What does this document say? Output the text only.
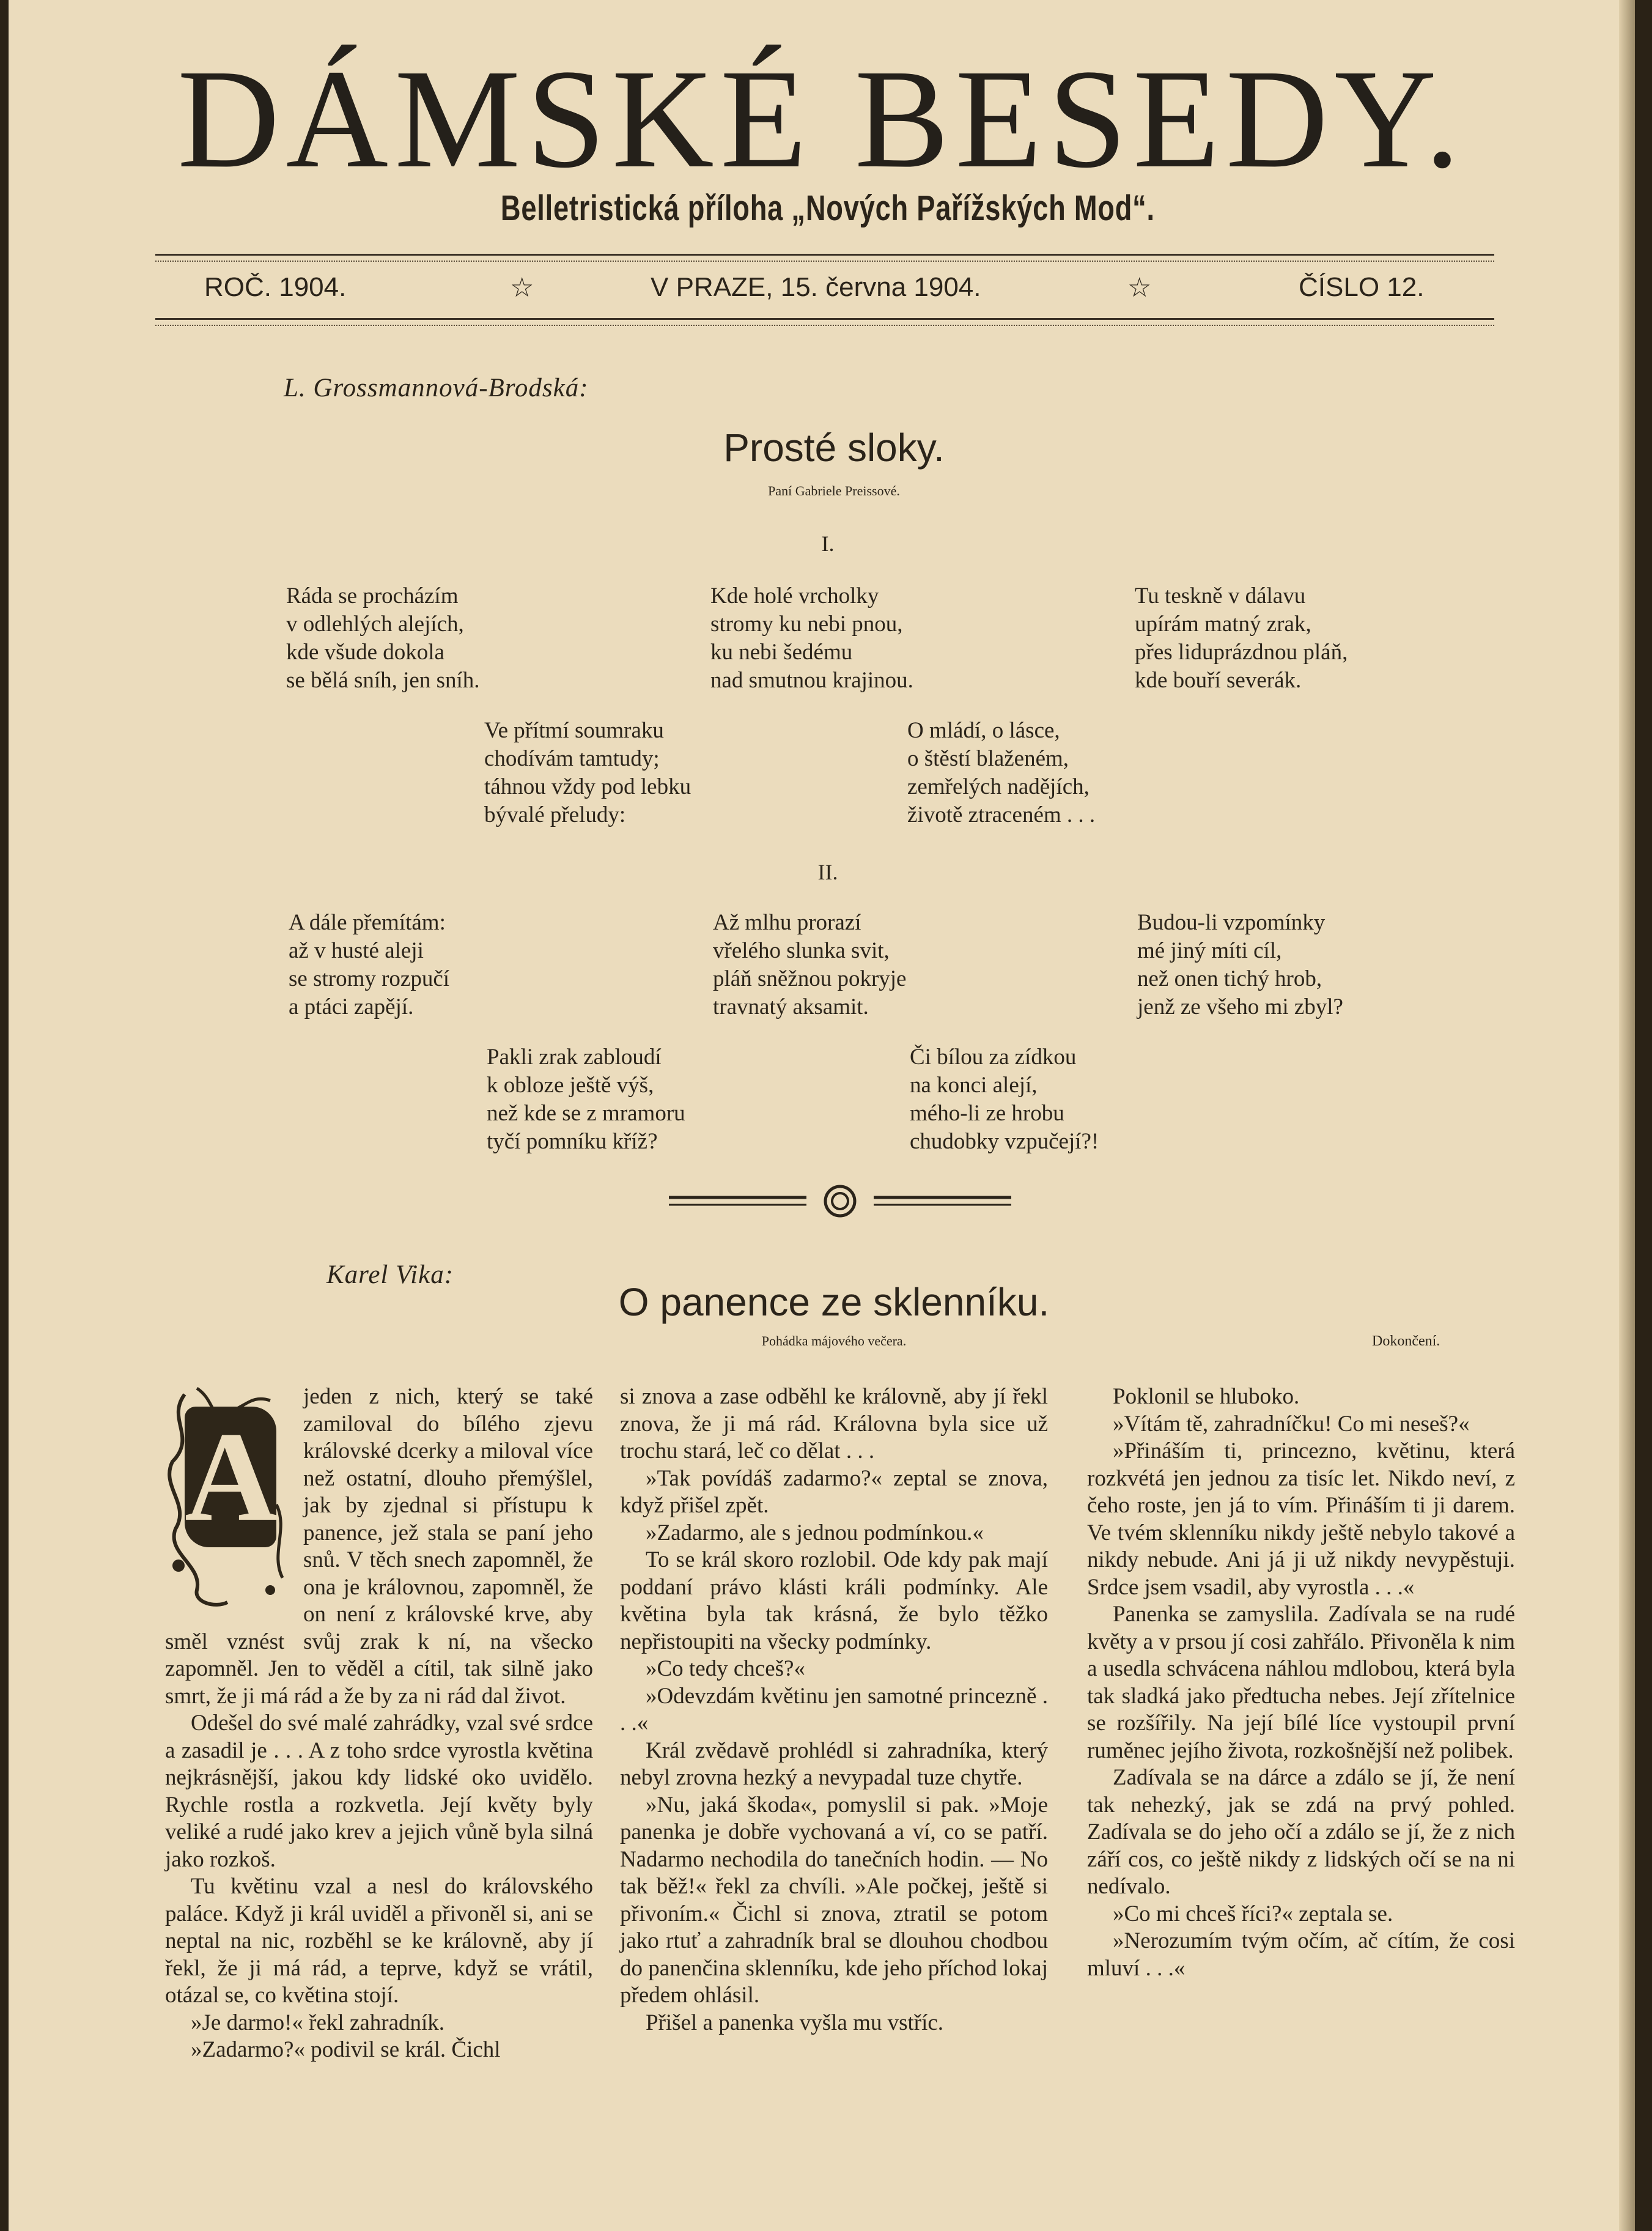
DÁMSKÉ BESEDY.
Belletristická příloha „Nových Pařížských Mod“.
ROČ. 1904.	☆	V PRAZE, 15. června 1904.	☆	ČÍSLO 12.
L. Grossmannová-Brodská:
Prosté sloky.
Paní Gabriele Preissové.
I.
Ráda se procházím
v odlehlých alejích,
kde všude dokola
se bělá sníh, jen sníh.
Kde holé vrcholky
stromy ku nebi pnou,
ku nebi šedému
nad smutnou krajinou.
Tu teskně v dálavu
upírám matný zrak,
přes liduprázdnou pláň,
kde bouří severák.
Ve přítmí soumraku
chodívám tamtudy;
táhnou vždy pod lebku
bývalé přeludy:
O mládí, o lásce,
o štěstí blaženém,
zemřelých nadějích,
životě ztraceném . . .
II.
A dále přemítám:
až v husté aleji
se stromy rozpučí
a ptáci zapějí.
Až mlhu prorazí
vřelého slunka svit,
pláň sněžnou pokryje
travnatý aksamit.
Budou-li vzpomínky
mé jiný míti cíl,
než onen tichý hrob,
jenž ze všeho mi zbyl?
Pakli zrak zabloudí
k obloze ještě výš,
než kde se z mramoru
tyčí pomníku kříž?
Či bílou za zídkou
na konci alejí,
mého-li ze hrobu
chudobky vzpučejí?!
Karel Vika:
O panence ze sklenníku.
Pohádka májového večera.	Dokončení.
A

jeden z nich, který se také zamiloval do bílého zjevu královské dcerky a miloval více než ostatní, dlouho přemýšlel, jak by zjednal si přístupu k panence, jež stala se paní jeho snů. V těch snech zapomněl, že ona je královnou, zapomněl, že on není z královské krve, aby směl vznést svůj zrak k ní, na všecko zapomněl. Jen to věděl a cítil, tak silně jako smrt, že ji má rád a že by za ni rád dal život.

Odešel do své malé zahrádky, vzal své srdce a zasadil je . . . A z toho srdce vyrostla květina nejkrásnější, jakou kdy lidské oko uvidělo. Rychle rostla a rozkvetla. Její květy byly veliké a rudé jako krev a jejich vůně byla silná jako rozkoš.

Tu květinu vzal a nesl do královského paláce. Když ji král uviděl a přivoněl si, ani se neptal na nic, rozběhl se ke královně, aby jí řekl, že ji má rád, a teprve, když se vrátil, otázal se, co květina stojí.

»Je darmo!« řekl zahradník.

»Zadarmo?« podivil se král. Čichl

si znova a zase odběhl ke královně, aby jí řekl znova, že ji má rád. Královna byla sice už trochu stará, leč co dělat . . .

»Tak povídáš zadarmo?« zeptal se znova, když přišel zpět.

»Zadarmo, ale s jednou podmínkou.«

To se král skoro rozlobil. Ode kdy pak mají poddaní právo klásti králi podmínky. Ale květina byla tak krásná, že bylo těžko nepřistoupiti na všecky podmínky.

»Co tedy chceš?«

»Odevzdám květinu jen samotné princezně . . .«

Král zvědavě prohlédl si zahradníka, který nebyl zrovna hezký a nevypadal tuze chytře.

»Nu, jaká škoda«, pomyslil si pak. »Moje panenka je dobře vychovaná a ví, co se patří. Nadarmo nechodila do tanečních hodin. — No tak běž!« řekl za chvíli. »Ale počkej, ještě si přivoním.« Čichl si znova, ztratil se potom jako rtuť a zahradník bral se dlouhou chodbou do panenčina sklenníku, kde jeho příchod lokaj předem ohlásil.

Přišel a panenka vyšla mu vstříc.

Poklonil se hluboko.

»Vítám tě, zahradníčku! Co mi neseš?«

»Přináším ti, princezno, květinu, která rozkvétá jen jednou za tisíc let. Nikdo neví, z čeho roste, jen já to vím. Přináším ti ji darem. Ve tvém sklenníku nikdy ještě nebylo takové a nikdy nebude. Ani já ji už nikdy nevypěstuji. Srdce jsem vsadil, aby vyrostla . . .«

Panenka se zamyslila. Zadívala se na rudé květy a v prsou jí cosi zahřálo. Přivoněla k nim a usedla schvácena náhlou mdlobou, která byla tak sladká jako předtucha nebes. Její zřítelnice se rozšířily. Na její bílé líce vystoupil první ruměnec jejího života, rozkošnější než polibek.

Zadívala se na dárce a zdálo se jí, že není tak nehezký, jak se zdá na prvý pohled. Zadívala se do jeho očí a zdálo se jí, že z nich září cos, co ještě nikdy z lidských očí se na ni nedívalo.

»Co mi chceš říci?« zeptala se.

»Nerozumím tvým očím, ač cítím, že cosi mluví . . .«
